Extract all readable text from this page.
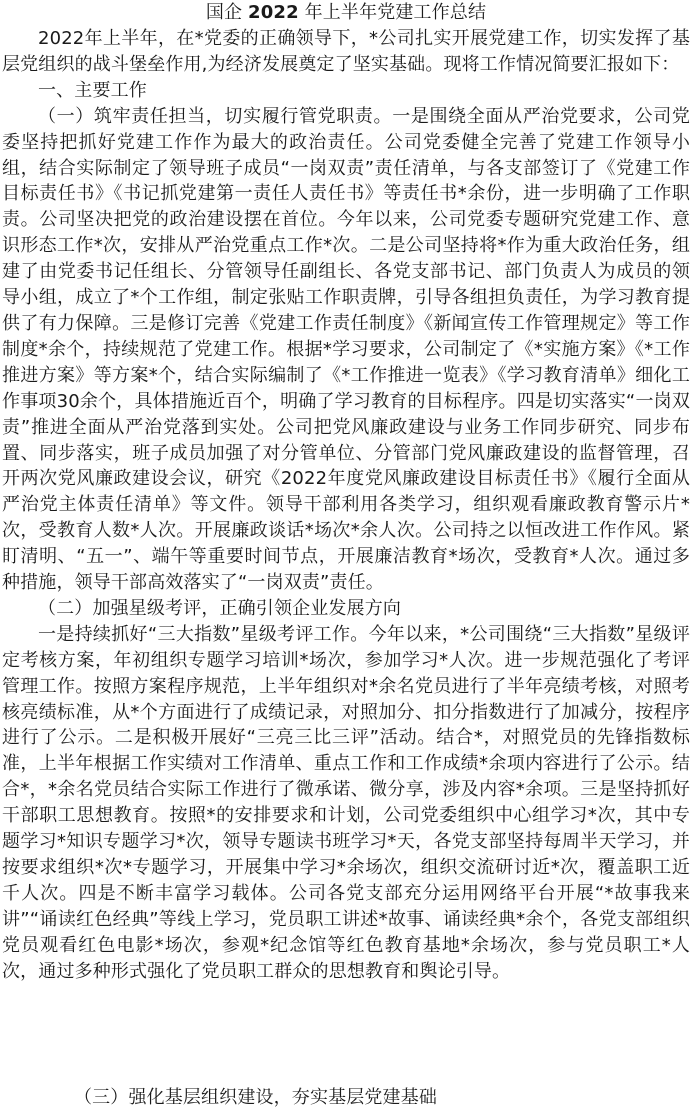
国企 2022 年上半年党建工作总结

2022年上半年，在*党委的正确领导下，*公司扎实开展党建工作，切实发挥了基层党组织的战斗堡垒作用,为经济发展奠定了坚实基础。现将工作情况简要汇报如下：

一、主要工作

（一）筑牢责任担当，切实履行管党职责。一是围绕全面从严治党要求，公司党委坚持把抓好党建工作作为最大的政治责任。公司党委健全完善了党建工作领导小组，结合实际制定了领导班子成员“一岗双责”责任清单，与各支部签订了《党建工作目标责任书》《书记抓党建第一责任人责任书》等责任书*余份，进一步明确了工作职责。公司坚决把党的政治建设摆在首位。今年以来，公司党委专题研究党建工作、意识形态工作*次，安排从严治党重点工作*次。二是公司坚持将*作为重大政治任务，组建了由党委书记任组长、分管领导任副组长、各党支部书记、部门负责人为成员的领导小组，成立了*个工作组，制定张贴工作职责牌，引导各组担负责任，为学习教育提供了有力保障。三是修订完善《党建工作责任制度》《新闻宣传工作管理规定》等工作制度*余个，持续规范了党建工作。根据*学习要求，公司制定了《*实施方案》《*工作推进方案》等方案*个，结合实际编制了《*工作推进一览表》《学习教育清单》细化工作事项30余个，具体措施近百个，明确了学习教育的目标程序。四是切实落实“一岗双责”推进全面从严治党落到实处。公司把党风廉政建设与业务工作同步研究、同步布置、同步落实，班子成员加强了对分管单位、分管部门党风廉政建设的监督管理，召开两次党风廉政建设会议，研究《2022年度党风廉政建设目标责任书》《履行全面从严治党主体责任清单》等文件。领导干部利用各类学习，组织观看廉政教育警示片*次，受教育人数*人次。开展廉政谈话*场次*余人次。公司持之以恒改进工作作风。紧盯清明、“五一”、端午等重要时间节点，开展廉洁教育*场次，受教育*人次。通过多种措施，领导干部高效落实了“一岗双责”责任。

（二）加强星级考评，正确引领企业发展方向

一是持续抓好“三大指数”星级考评工作。今年以来，*公司围绕“三大指数”星级评定考核方案，年初组织专题学习培训*场次，参加学习*人次。进一步规范强化了考评管理工作。按照方案程序规范，上半年组织对*余名党员进行了半年亮绩考核，对照考核亮绩标准，从*个方面进行了成绩记录，对照加分、扣分指数进行了加减分，按程序进行了公示。二是积极开展好“三亮三比三评”活动。结合*，对照党员的先锋指数标准，上半年根据工作实绩对工作清单、重点工作和工作成绩*余项内容进行了公示。结合*，*余名党员结合实际工作进行了微承诺、微分享，涉及内容*余项。三是坚持抓好干部职工思想教育。按照*的安排要求和计划，公司党委组织中心组学习*次，其中专题学习*知识专题学习*次，领导专题读书班学习*天，各党支部坚持每周半天学习，并按要求组织*次*专题学习，开展集中学习*余场次，组织交流研讨近*次，覆盖职工近千人次。四是不断丰富学习载体。公司各党支部充分运用网络平台开展“*故事我来讲”“诵读红色经典”等线上学习，党员职工讲述*故事、诵读经典*余个，各党支部组织党员观看红色电影*场次，参观*纪念馆等红色教育基地*余场次，参与党员职工*人次，通过多种形式强化了党员职工群众的思想教育和舆论引导。

（三）强化基层组织建设，夯实基层党建基础
